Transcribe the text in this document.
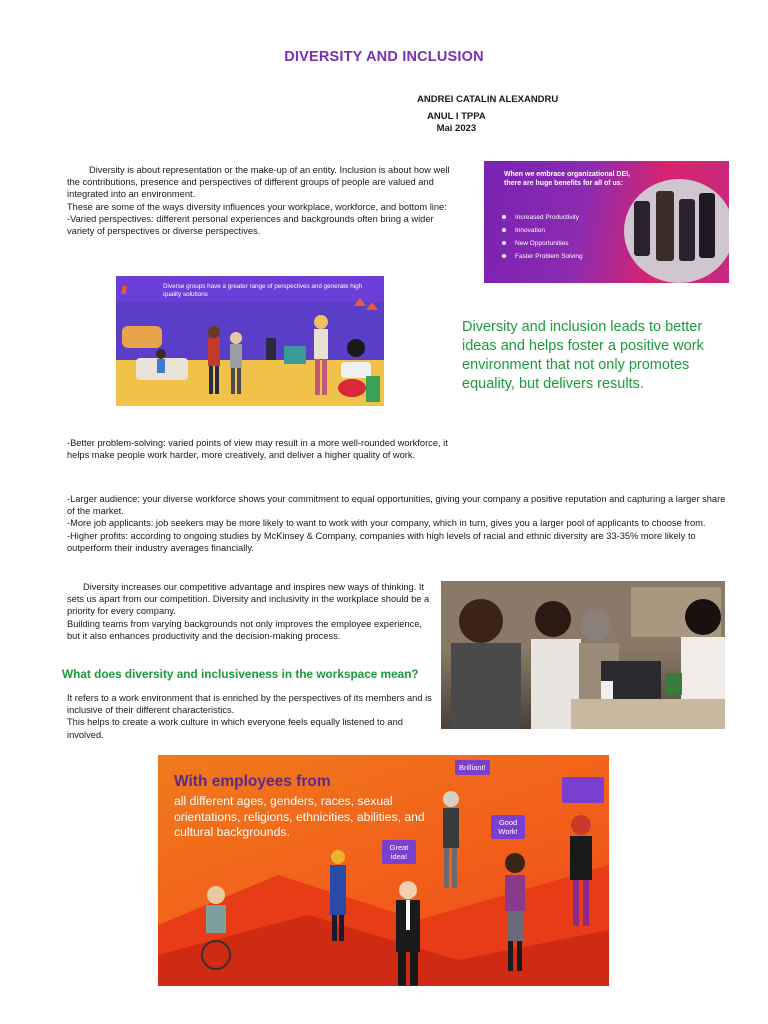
DIVERSITY AND INCLUSION
ANDREI CATALIN ALEXANDRU
ANUL I TPPA
Mai 2023
Diversity is about representation or the make-up of an entity. Inclusion is about how well the contributions, presence and perspectives of different groups of people are valued and integrated into an environment.
These are some of the ways diversity influences your workplace, workforce, and bottom line:
-Varied perspectives: different personal experiences and backgrounds often bring a wider variety of perspectives or diverse perspectives.
When we embrace organizational DEI, there are huge benefits for all of us:
Increased Productivity
Innovation
New Opportunities
Faster Problem Solving
////	Diverse groups have a greater range of perspectives and generate high quality solutions
Diversity and inclusion leads to better ideas and helps foster a positive work environment that not only promotes equality, but delivers results.
-Better problem-solving: varied points of view may result in a more well-rounded workforce, it helps make people work harder, more creatively, and deliver a higher quality of work.
-Larger audience: your diverse workforce shows your commitment to equal opportunities, giving your company a positive reputation and capturing a larger share of the market.
-More job applicants: job seekers may be more likely to want to work with your company, which in turn, gives you a larger pool of applicants to choose from.
-Higher profits: according to ongoing studies by McKinsey & Company, companies with high levels of racial and ethnic diversity are 33-35% more likely to outperform their industry averages financially.
Diversity increases our competitive advantage and inspires new ways of thinking. It sets us apart from our competition. Diversity and inclusivity in the workplace should be a priority for every company.
Building teams from varying backgrounds not only improves the employee experience, but it also enhances productivity and the decision-making process.
What does diversity and inclusiveness in the workspace mean?
It refers to a work environment that is enriched by the perspectives of its members and is inclusive of their different characteristics.
This helps to create a work culture in which everyone feels equally listened to and involved.
With employees from
all different ages, genders, races, sexual orientations, religions, ethnicities, abilities, and cultural backgrounds.
Brilliant!
Good Work!
Great idea!
